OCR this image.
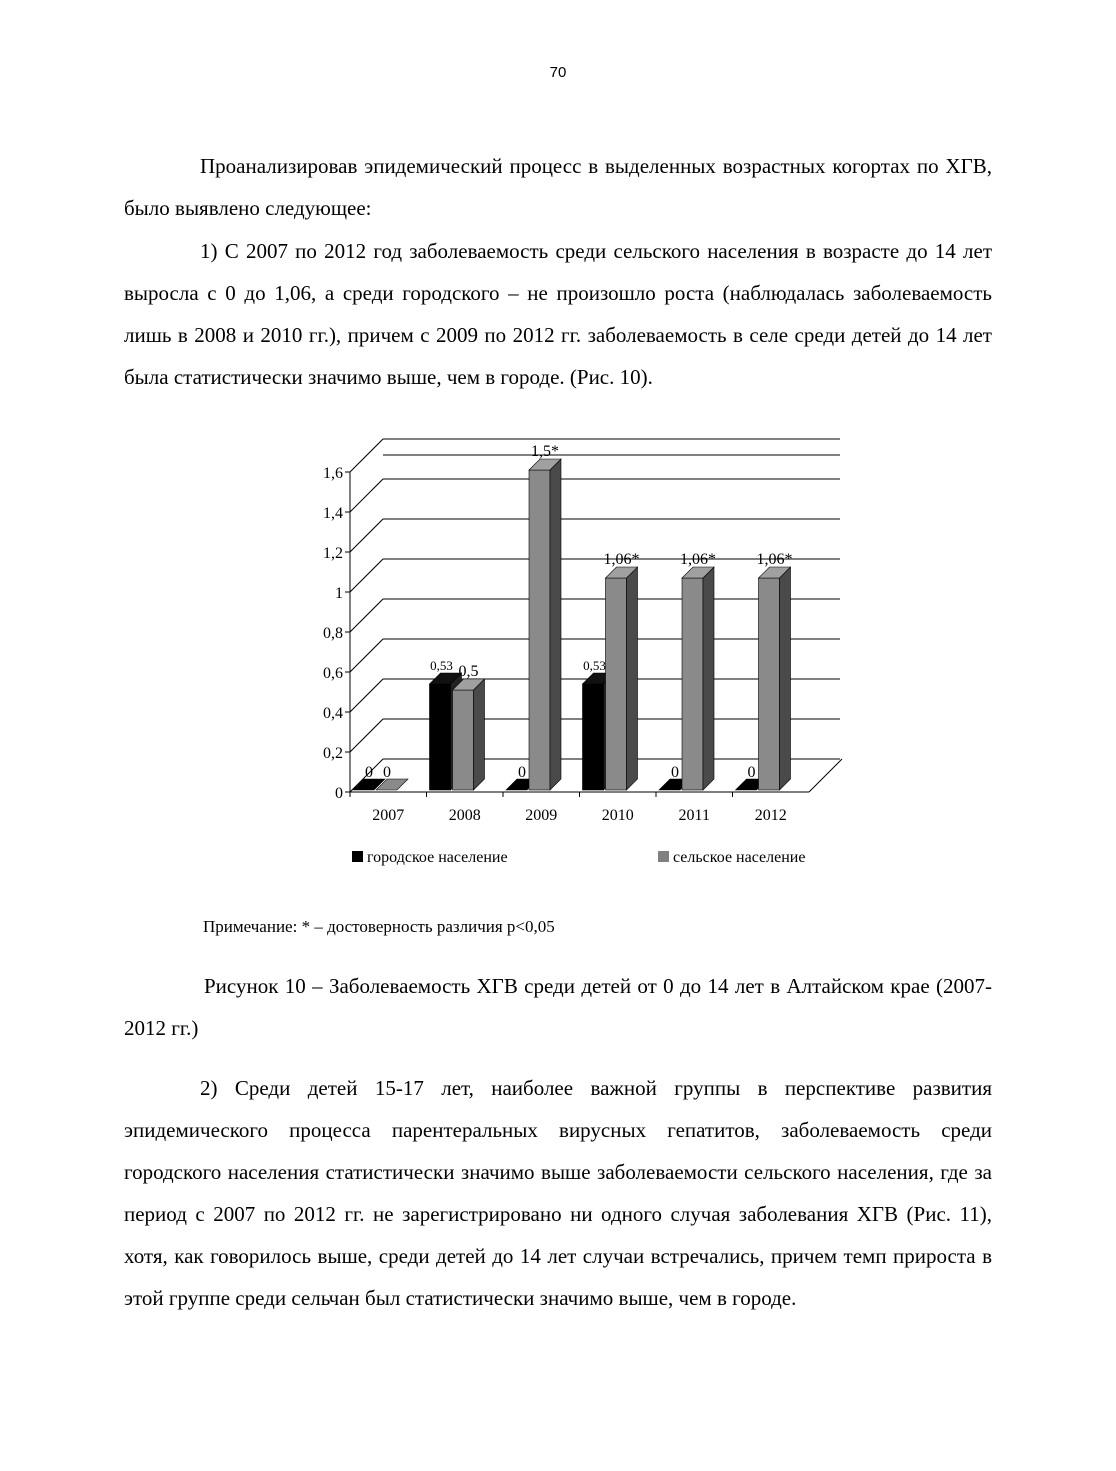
70

Проанализировав эпидемический процесс в выделенных возрастных когортах по ХГВ, было выявлено следующее:

1) С 2007 по 2012 год заболеваемость среди сельского населения в возрасте до 14 лет выросла с 0 до 1,06, а среди городского – не произошло роста (наблюдалась заболеваемость лишь в 2008 и 2010 гг.), причем с 2009 по 2012 гг. заболеваемость в селе среди детей до 14 лет была статистически значимо выше, чем в городе. (Рис. 10).

0
0,2
0,4
0,6
0,8
1
1,2
1,4
1,6
2007
0 0
2008
0,53 0,5
2009
0
1,5*
2010
0,53
1,06*
2011
0
1,06*
2012
0
1,06*
городское население	сельское население
Примечание: * – достоверность различия p<0,05

Рисунок 10 – Заболеваемость ХГВ среди детей от 0 до 14 лет в Алтайском крае (2007-2012 гг.)

2) Среди детей 15-17 лет, наиболее важной группы в перспективе развития эпидемического процесса парентеральных вирусных гепатитов, заболеваемость среди городского населения статистически значимо выше заболеваемости сельского населения, где за период с 2007 по 2012 гг. не зарегистрировано ни одного случая заболевания ХГВ (Рис. 11), хотя, как говорилось выше, среди детей до 14 лет случаи встречались, причем темп прироста в этой группе среди сельчан был статистически значимо выше, чем в городе.
